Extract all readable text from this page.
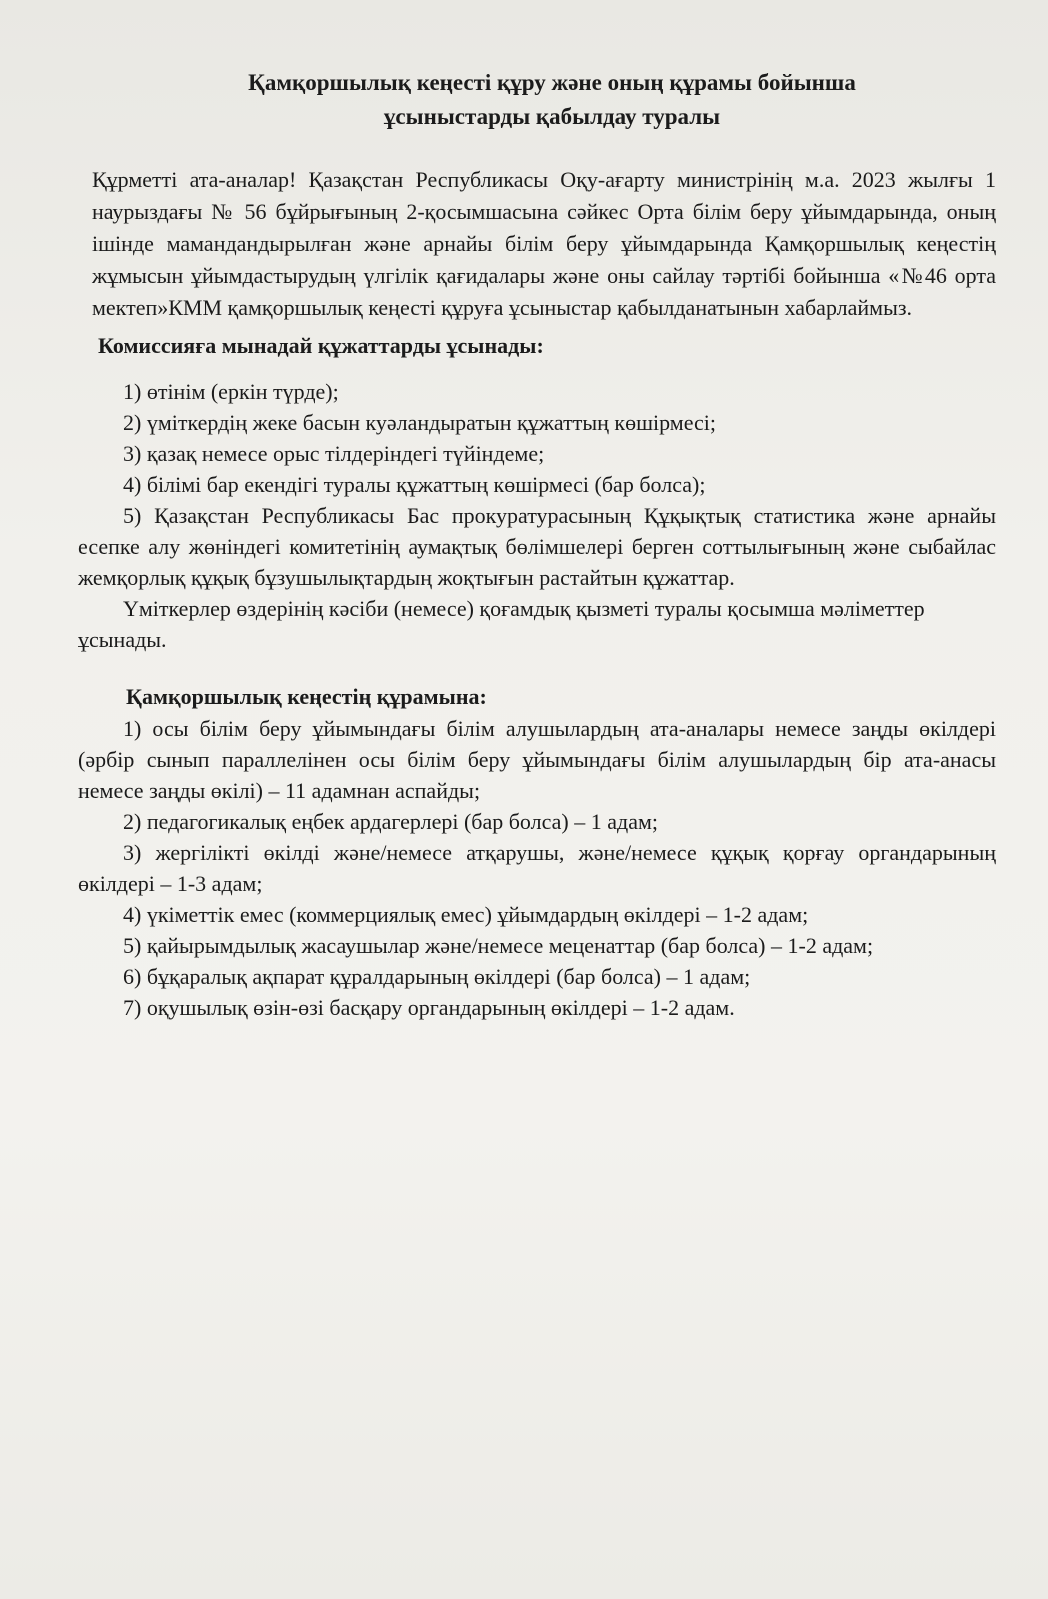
Қамқоршылық кеңесті құру және оның құрамы бойынша
ұсыныстарды қабылдау туралы

Құрметті ата-аналар! Қазақстан Республикасы Оқу-ағарту министрінің м.а. 2023 жылғы 1 наурыздағы № 56 бұйрығының 2-қосымшасына сәйкес Орта білім беру ұйымдарында, оның ішінде мамандандырылған және арнайы білім беру ұйымдарында Қамқоршылық кеңестің жұмысын ұйымдастырудың үлгілік қағидалары және оны сайлау тәртібі бойынша «№46 орта мектеп»КММ қамқоршылық кеңесті құруға ұсыныстар қабылданатынын хабарлаймыз.

Комиссияға мынадай құжаттарды ұсынады:

1) өтінім (еркін түрде);

2) үміткердің жеке басын куәландыратын құжаттың көшірмесі;

3) қазақ немесе орыс тілдеріндегі түйіндеме;

4) білімі бар екендігі туралы құжаттың көшірмесі (бар болса);

5) Қазақстан Республикасы Бас прокуратурасының Құқықтық статистика және арнайы есепке алу жөніндегі комитетінің аумақтық бөлімшелері берген соттылығының және сыбайлас жемқорлық құқық бұзушылықтардың жоқтығын растайтын құжаттар.

Үміткерлер өздерінің кәсіби (немесе) қоғамдық қызметі туралы қосымша мәліметтер ұсынады.

Қамқоршылық кеңестің құрамына:

1) осы білім беру ұйымындағы білім алушылардың ата-аналары немесе заңды өкілдері (әрбір сынып параллелінен осы білім беру ұйымындағы білім алушылардың бір ата-анасы немесе заңды өкілі) – 11 адамнан аспайды;

2) педагогикалық еңбек ардагерлері (бар болса) – 1 адам;

3) жергілікті өкілді және/немесе атқарушы, және/немесе құқық қорғау органдарының өкілдері – 1-3 адам;

4) үкіметтік емес (коммерциялық емес) ұйымдардың өкілдері – 1-2 адам;

5) қайырымдылық жасаушылар және/немесе меценаттар (бар болса) – 1-2 адам;

6) бұқаралық ақпарат құралдарының өкілдері (бар болса) – 1 адам;

7) оқушылық өзін-өзі басқару органдарының өкілдері – 1-2 адам.
